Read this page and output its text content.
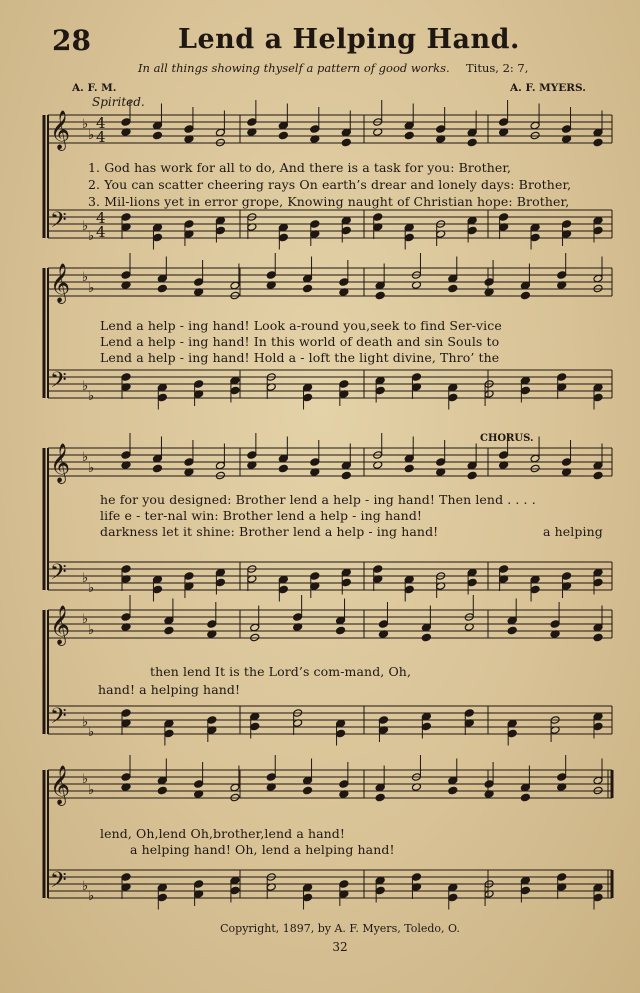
𝄞
𝄢
♭
♭
♭
♭
4
4
4
4
𝄞
𝄢
♭
♭
♭
♭
𝄞
𝄢
♭
♭
♭
♭
𝄞
𝄢
♭
♭
♭
♭
𝄞
𝄢
♭
♭
♭
♭
28	Lend a Helping Hand.
In all things showing thyself a pattern of good works. Titus, 2: 7,
A. F. M.	A. F. MYERS.
Spirited.
1. God has work for all to do, And there is a task for you: Brother,
2. You can scatter cheering rays On earth’s drear and lonely days: Brother,
3. Mil-lions yet in error grope, Knowing naught of Christian hope: Brother,
Lend a help - ing hand! Look a-round you,seek to find Ser-vice
Lend a help - ing hand! In this world of death and sin Souls to
Lend a help - ing hand! Hold a - loft the light divine, Thro’ the
CHORUS.
he for you designed: Brother lend a help - ing hand! Then lend . . . .
life e - ter-nal win: Brother lend a help - ing hand!
darkness let it shine: Brother lend a help - ing hand!	a helping
then lend It is the Lord’s com-mand, Oh,
hand! a helping hand!
lend, Oh,lend Oh,brother,lend a hand!
a helping hand! Oh, lend a helping hand!
Copyright, 1897, by A. F. Myers, Toledo, O.
32
